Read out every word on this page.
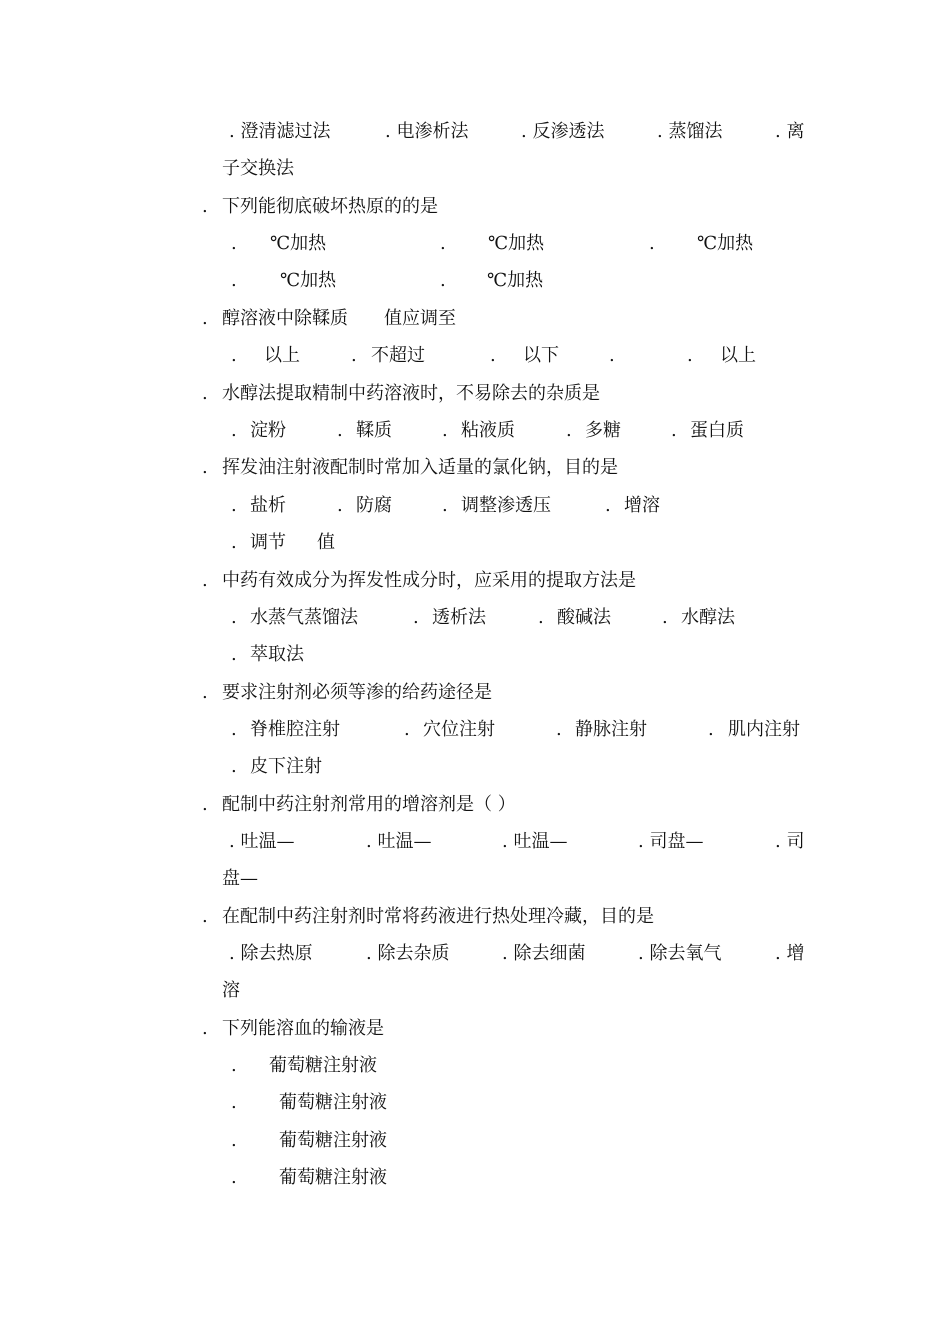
. 澄清滤过法	. 电渗析法	. 反渗透法	. 蒸馏法	. 离
子交换法
. 下列能彻底破坏热原的的是
. ℃加热	. ℃加热	. ℃加热
. ℃加热	. ℃加热
. 醇溶液中除鞣质 值应调至
. 以上	. 不超过	. 以下	.	. 以上
. 水醇法提取精制中药溶液时，不易除去的杂质是
. 淀粉	. 鞣质	. 粘液质	. 多糖	. 蛋白质
. 挥发油注射液配制时常加入适量的氯化钠，目的是
. 盐析	. 防腐	. 调整渗透压	. 增溶
. 调节 值
. 中药有效成分为挥发性成分时，应采用的提取方法是
. 水蒸气蒸馏法	. 透析法	. 酸碱法	. 水醇法
. 萃取法
. 要求注射剂必须等渗的给药途径是
. 脊椎腔注射	. 穴位注射	. 静脉注射	. 肌内注射
. 皮下注射
. 配制中药注射剂常用的增溶剂是（ ）
. 吐温—	. 吐温—	. 吐温—	. 司盘—	. 司
盘—
. 在配制中药注射剂时常将药液进行热处理冷藏，目的是
. 除去热原	. 除去杂质	. 除去细菌	. 除去氧气	. 增
溶
. 下列能溶血的输液是
. 葡萄糖注射液
. 葡萄糖注射液
. 葡萄糖注射液
. 葡萄糖注射液
